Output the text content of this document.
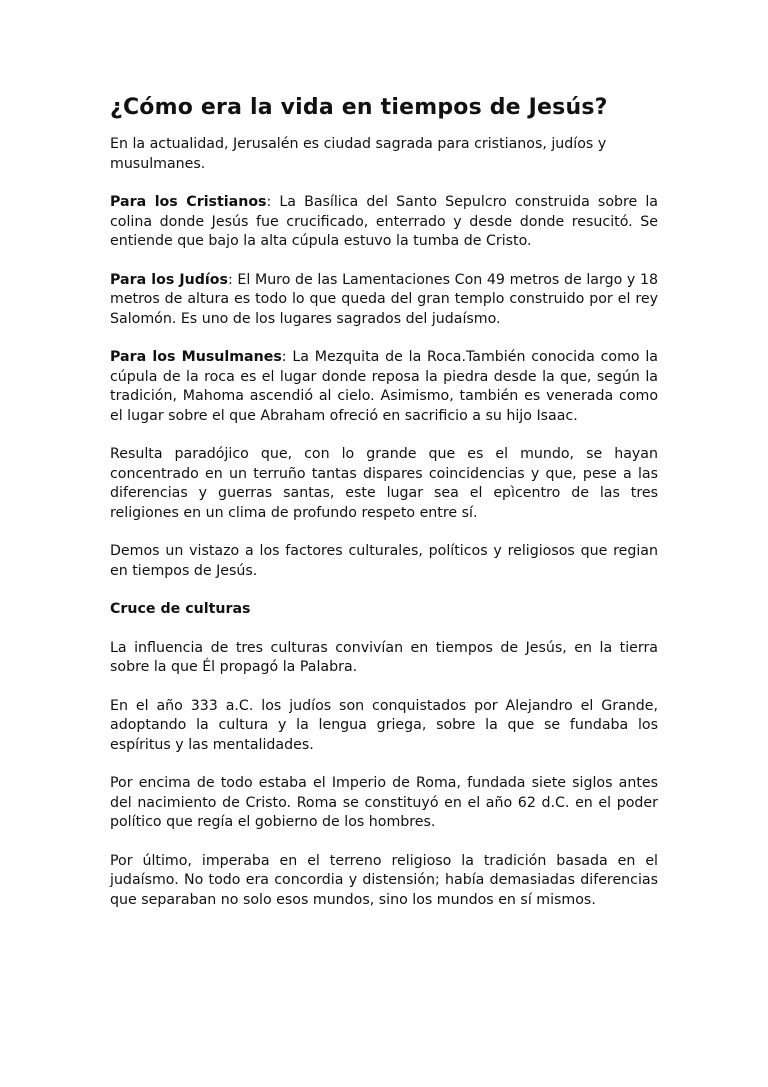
¿Cómo era la vida en tiempos de Jesús?

En la actualidad, Jerusalén es ciudad sagrada para cristianos, judíos y musulmanes.

Para los Cristianos: La Basílica del Santo Sepulcro construida sobre la colina donde Jesús fue crucificado, enterrado y desde donde resucitó. Se entiende que bajo la alta cúpula estuvo la tumba de Cristo.

Para los Judíos: El Muro de las Lamentaciones Con 49 metros de largo y 18 metros de altura es todo lo que queda del gran templo construido por el rey Salomón. Es uno de los lugares sagrados del judaísmo.

Para los Musulmanes: La Mezquita de la Roca.También conocida como la cúpula de la roca es el lugar donde reposa la piedra desde la que, según la tradición, Mahoma ascendió al cielo. Asimismo, también es venerada como el lugar sobre el que Abraham ofreció en sacrificio a su hijo Isaac.

Resulta paradójico que, con lo grande que es el mundo, se hayan concentrado en un terruño tantas dispares coincidencias y que, pese a las diferencias y guerras santas, este lugar sea el epìcentro de las tres religiones en un clima de profundo respeto entre sí.

Demos un vistazo a los factores culturales, políticos y religiosos que regian en tiempos de Jesús.

Cruce de culturas

La influencia de tres culturas convivían en tiempos de Jesús, en la tierra sobre la que Él propagó la Palabra.

En el año 333 a.C. los judíos son conquistados por Alejandro el Grande, adoptando la cultura y la lengua griega, sobre la que se fundaba los espíritus y las mentalidades.

Por encima de todo estaba el Imperio de Roma, fundada siete siglos antes del nacimiento de Cristo. Roma se constituyó en el año 62 d.C. en el poder político que regía el gobierno de los hombres.

Por último, imperaba en el terreno religioso la tradición basada en el judaísmo. No todo era concordia y distensión; había demasiadas diferencias que separaban no solo esos mundos, sino los mundos en sí mismos.
